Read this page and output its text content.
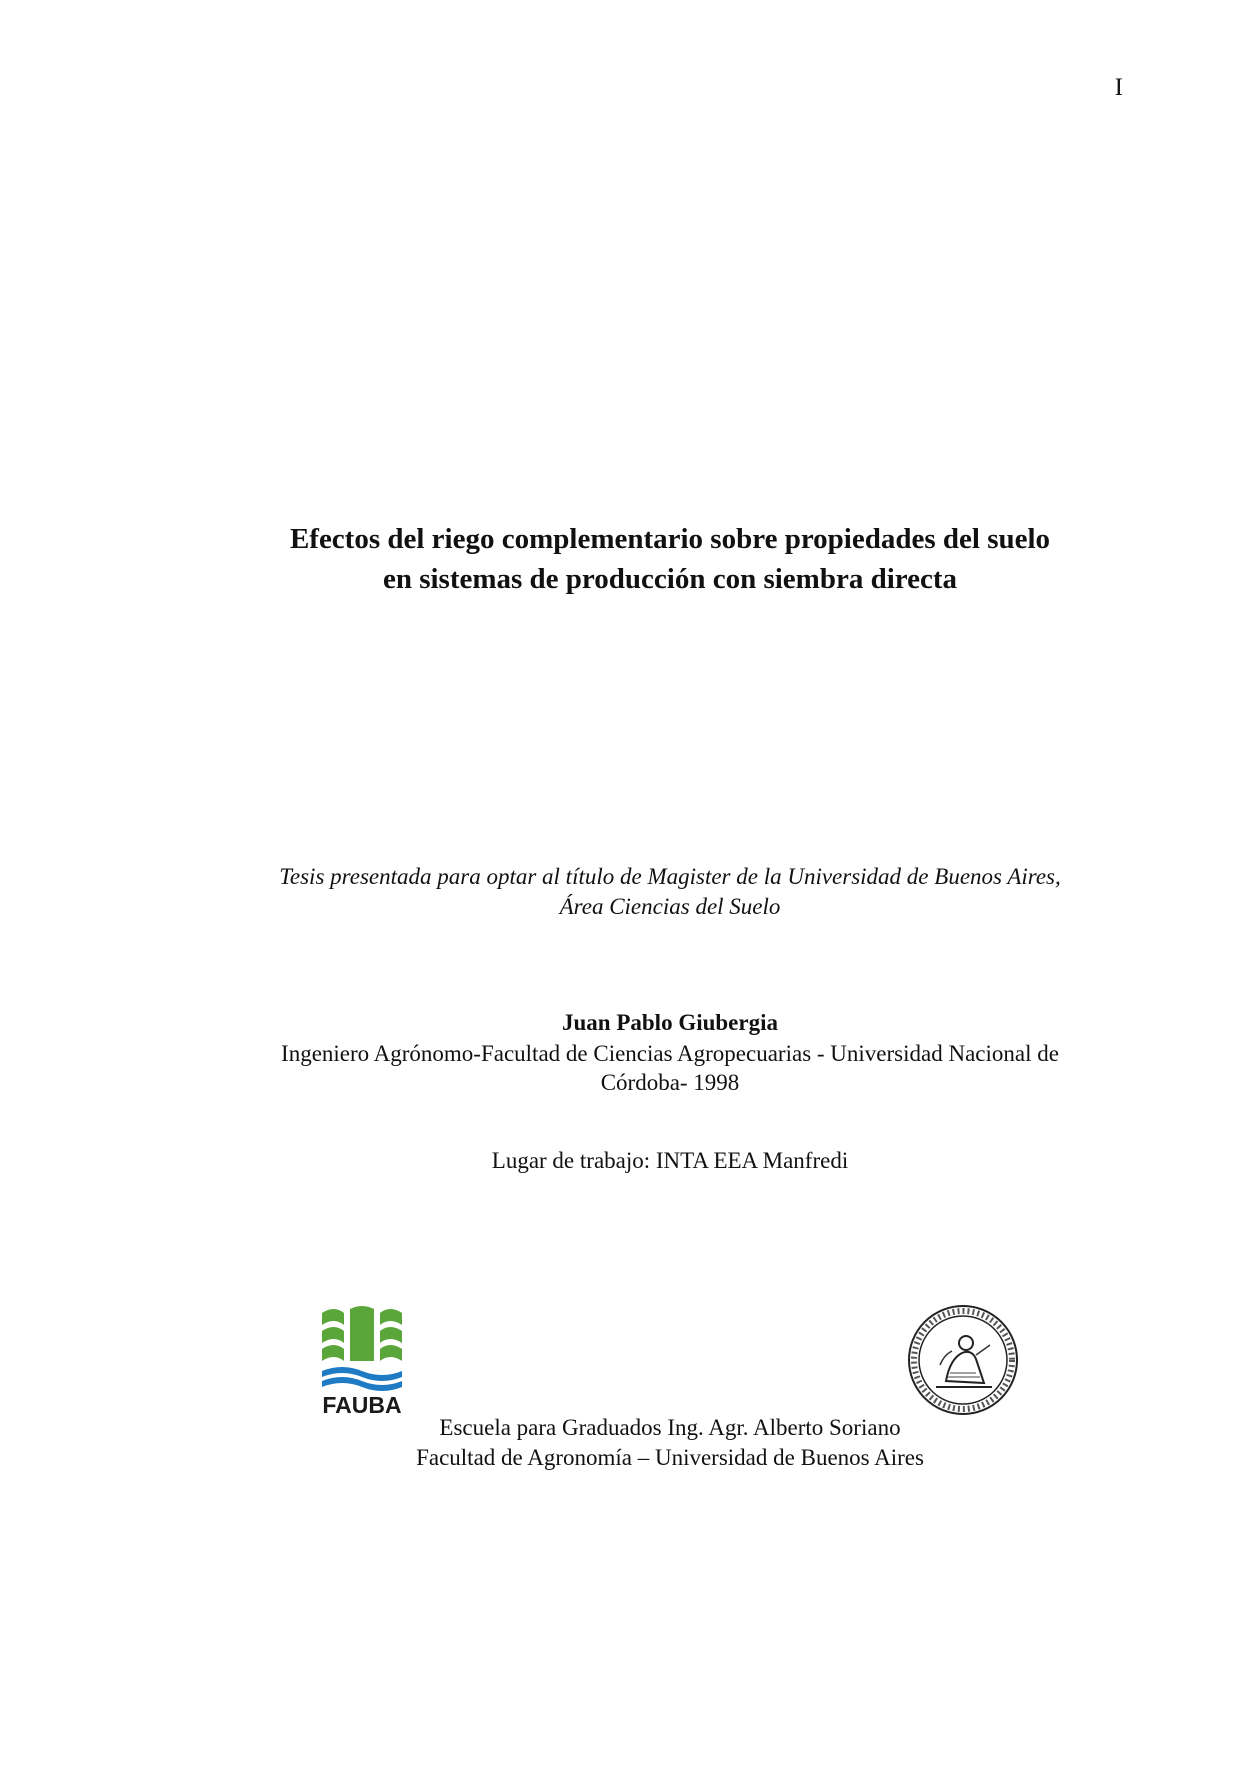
I
Efectos del riego complementario sobre propiedades del suelo
en sistemas de producción con siembra directa
Tesis presentada para optar al título de Magister de la Universidad de Buenos Aires,
Área Ciencias del Suelo
Juan Pablo Giubergia
Ingeniero Agrónomo-Facultad de Ciencias Agropecuarias - Universidad Nacional de
Córdoba- 1998
Lugar de trabajo: INTA EEA Manfredi
FAUBA
Escuela para Graduados Ing. Agr. Alberto Soriano
Facultad de Agronomía – Universidad de Buenos Aires
